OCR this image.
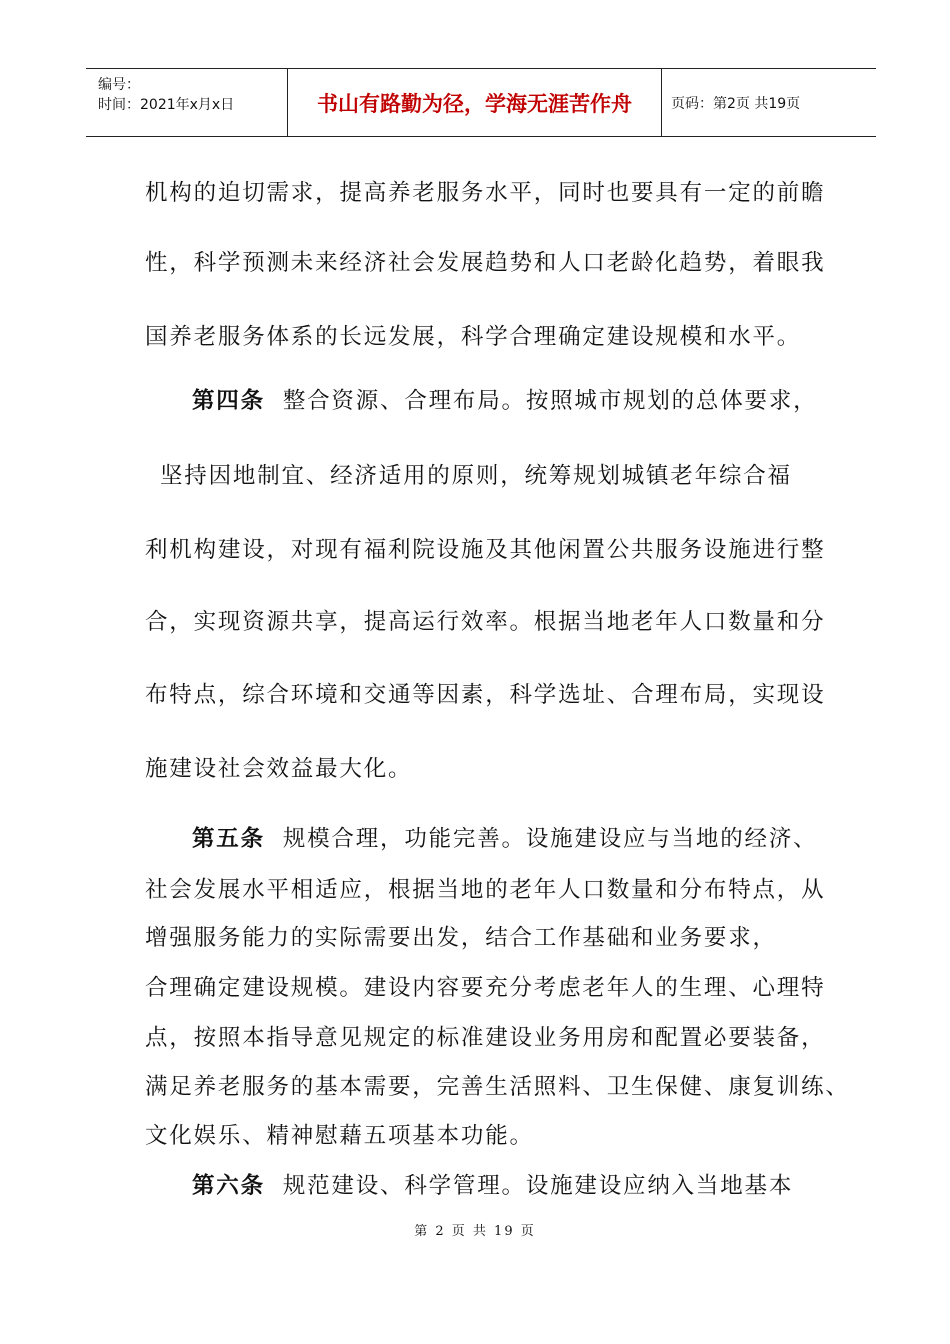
编号：
时间：2021年x月x日	书山有路勤为径，学海无涯苦作舟	页码：第2页 共19页
机构的迫切需求，提高养老服务水平，同时也要具有一定的前瞻
性，科学预测未来经济社会发展趋势和人口老龄化趋势，着眼我
国养老服务体系的长远发展，科学合理确定建设规模和水平。
第四条 整合资源、合理布局。按照城市规划的总体要求，
坚持因地制宜、经济适用的原则，统筹规划城镇老年综合福
利机构建设，对现有福利院设施及其他闲置公共服务设施进行整
合，实现资源共享，提高运行效率。根据当地老年人口数量和分
布特点，综合环境和交通等因素，科学选址、合理布局，实现设
施建设社会效益最大化。
第五条 规模合理，功能完善。设施建设应与当地的经济、
社会发展水平相适应，根据当地的老年人口数量和分布特点，从
增强服务能力的实际需要出发，结合工作基础和业务要求，
合理确定建设规模。建设内容要充分考虑老年人的生理、心理特
点，按照本指导意见规定的标准建设业务用房和配置必要装备，
满足养老服务的基本需要，完善生活照料、卫生保健、康复训练、
文化娱乐、精神慰藉五项基本功能。
第六条 规范建设、科学管理。设施建设应纳入当地基本
第 2 页 共 19 页
